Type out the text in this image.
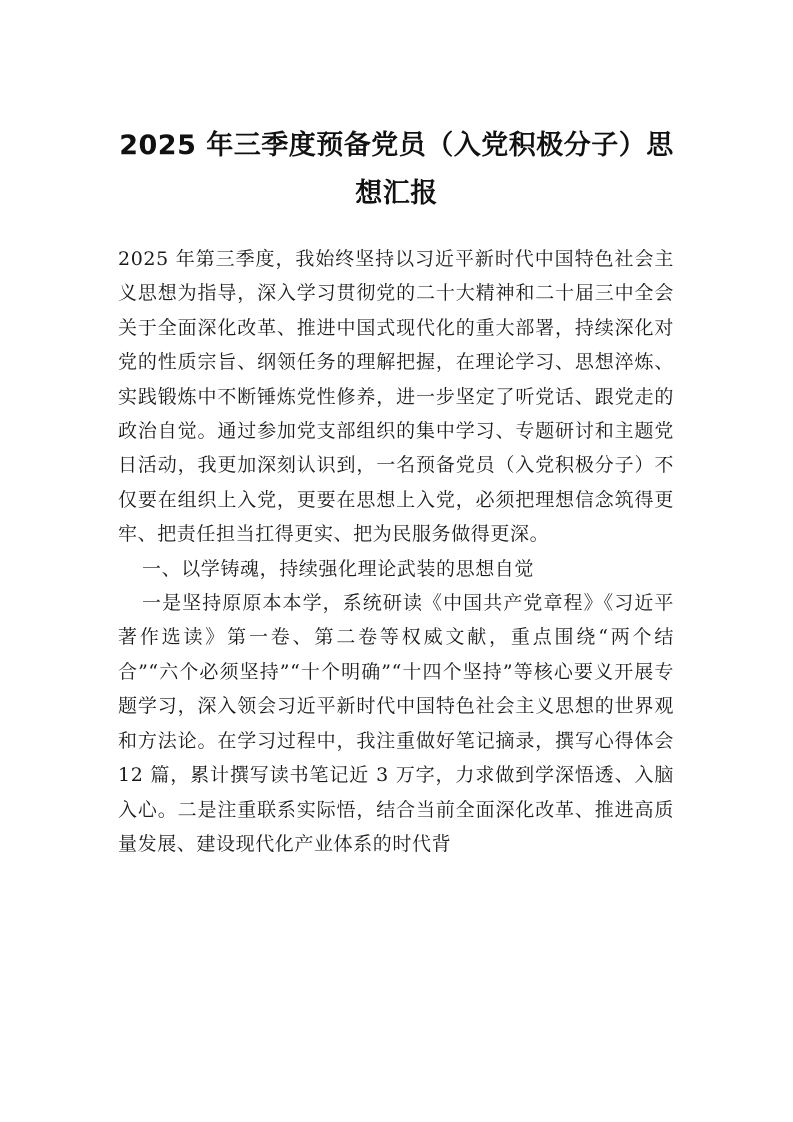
2025 年三季度预备党员（入党积极分子）思想汇报

2025 年第三季度，我始终坚持以习近平新时代中国特色社会主义思想为指导，深入学习贯彻党的二十大精神和二十届三中全会关于全面深化改革、推进中国式现代化的重大部署，持续深化对党的性质宗旨、纲领任务的理解把握，在理论学习、思想淬炼、实践锻炼中不断锤炼党性修养，进一步坚定了听党话、跟党走的政治自觉。通过参加党支部组织的集中学习、专题研讨和主题党日活动，我更加深刻认识到，一名预备党员（入党积极分子）不仅要在组织上入党，更要在思想上入党，必须把理想信念筑得更牢、把责任担当扛得更实、把为民服务做得更深。

一、以学铸魂，持续强化理论武装的思想自觉

一是坚持原原本本学，系统研读《中国共产党章程》《习近平著作选读》第一卷、第二卷等权威文献，重点围绕“两个结合”“六个必须坚持”“十个明确”“十四个坚持”等核心要义开展专题学习，深入领会习近平新时代中国特色社会主义思想的世界观和方法论。在学习过程中，我注重做好笔记摘录，撰写心得体会 12 篇，累计撰写读书笔记近 3 万字，力求做到学深悟透、入脑入心。二是注重联系实际悟，结合当前全面深化改革、推进高质量发展、建设现代化产业体系的时代背
